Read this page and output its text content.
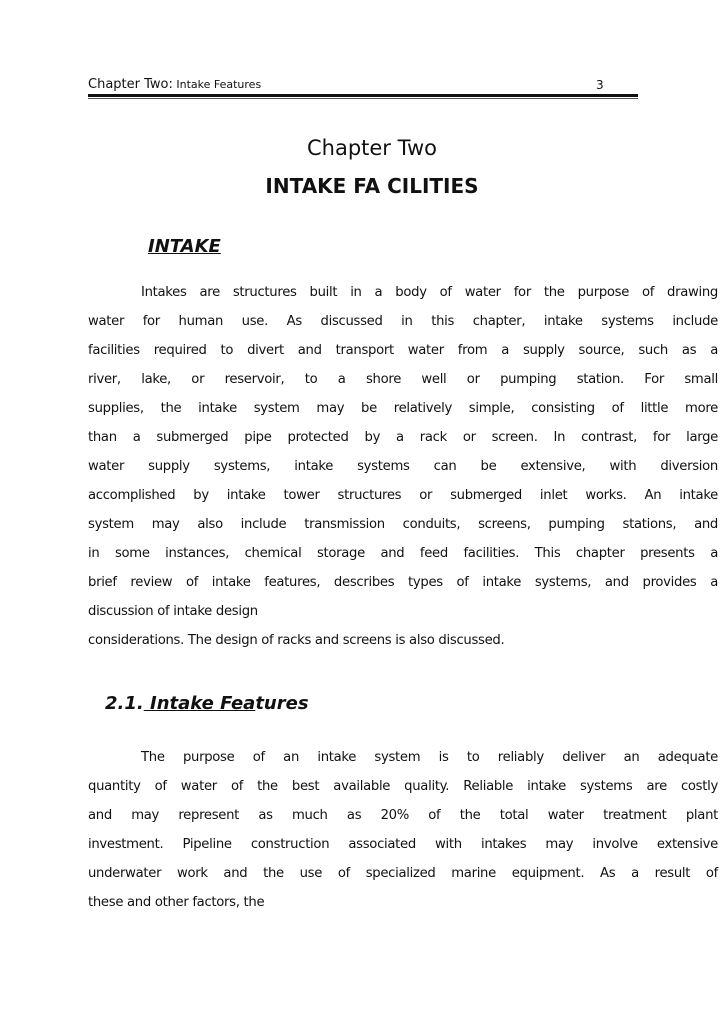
Chapter Two: Intake Features	3
Chapter Two
INTAKE FA CILITIES
INTAKE
Intakes are structures built in a body of water for the purpose of drawing
water for human use. As discussed in this chapter, intake systems include
facilities required to divert and transport water from a supply source, such as a
river, lake, or reservoir, to a shore well or pumping station. For small
supplies, the intake system may be relatively simple, consisting of little more
than a submerged pipe protected by a rack or screen. In contrast, for large
water supply systems, intake systems can be extensive, with diversion
accomplished by intake tower structures or submerged inlet works. An intake
system may also include transmission conduits, screens, pumping stations, and
in some instances, chemical storage and feed facilities. This chapter presents a
brief review of intake features, describes types of intake systems, and provides a
discussion of intake design
considerations. The design of racks and screens is also discussed.
2.1. Intake Features
The purpose of an intake system is to reliably deliver an adequate
quantity of water of the best available quality. Reliable intake systems are costly
and may represent as much as 20% of the total water treatment plant
investment. Pipeline construction associated with intakes may involve extensive
underwater work and the use of specialized marine equipment. As a result of
these and other factors, the
